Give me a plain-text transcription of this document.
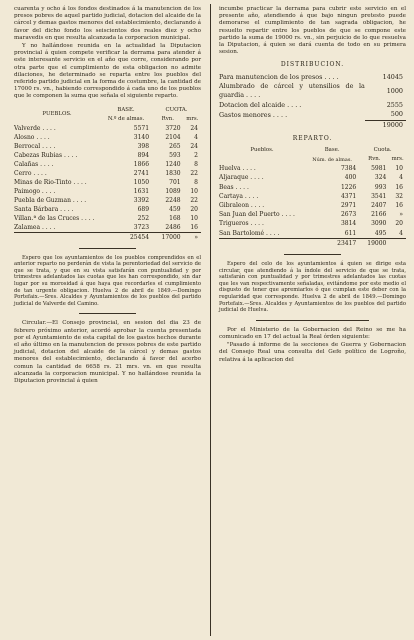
cuarenta y ocho á los fondos destinados á la manutencion de los presos pobres de aquel partido judicial, dotacion del alcaide de la cárcel y demas gastos menores del establecimiento, declarando á favor del dicho fondo los seiscientos dos reales diez y ocho maravedis en que resulta alcanzada la corporacion municipal.

Y no hallándose reunida en la actualidad la Diputacion provincial á quien compete verificar la derrama para atender á este interesante servicio en el año que corre, considerando por otra parte que el cumplimiento de esta obligacion no admite dilaciones, he determinado se reparta entre los pueblos del referido partido judicial en la forma de costumbre, la cantidad de 17000 rs. vn., habiendo correspondido á cada uno de los pueblos que le componen la suma que señala el siguiente reparto.

PUEBLOS.	BASE.	CUOTA.	
	N.º de almas.	Rvn.	mrs.
Valverde . . . .	5571	3720	24
Alosno . . . .	3140	2104	4
Berrocal . . . .	398	265	24
Cabezas Rubias . . . .	894	593	2
Calañas . . . .	1866	1240	8
Cerro . . . .	2741	1830	22
Minas de Rio-Tinto . . . .	1050	701	8
Paimogo . . . .	1631	1089	10
Puebla de Guzman . . . .	3392	2248	22
Santa Bárbara . . . .	689	459	20
Villan.ª de las Cruces . . . .	252	168	10
Zalamea . . . .	3723	2486	16
	25454	17000	»

Espero que los ayuntamientos de los pueblos comprendidos en el anterior reparto no perderán de vista la perentoriedad del servicio de que se trata, y que en su vista satisfarán con puntualidad y por trimestres adelantados las cuotas que les han correspondido, sin dar lugar por su morosidad á que haya que recordarles el cumplimiento de tan urgente obligacion. Huelva 2 de abril de 1849.—Domingo Portefaix.—Sres. Alcaldes y Ayuntamientos de los pueblos del partido judicial de Valverde del Camino.

Circular.—El Consejo provincial, en sesion del dia 23 de febrero próximo anterior, acordó aprobar la cuenta presentada por el Ayuntamiento de esta capital de los gastos hechos durante el año último en la manutencion de presos pobres de este partido judicial, dotacion del alcaide de la cárcel y demas gastos menores del establecimiento, declarando á favor del acerbo comun la cantidad de 6658 rs. 21 mrs. vn. en que resulta alcanzada la corporacion municipal. Y no hallándose reunida la Diputacion provincial á quien

incumbe practicar la derrama para cubrir este servicio en el presente año, atendiendo á que bajo ningun pretesto puede demorarse el cumplimiento de tan sagrada obligacion, he resuelto repartir entre los pueblos de que se compone este partido la suma de 19000 rs. vn., sin perjuicio de lo que resuelva la Diputacion, á quien se dará cuenta de todo en su primera sesion.

DISTRIBUCION.
Para manutencion de los presos . . . .	14045
Alumbrado de cárcel y utensilios de la guardia . . . .	1000
Dotacion del alcaide . . . .	2555
Gastos menores . . . .	500
	19000
REPARTO.
Pueblos.	Base.	Cuota.	
	Núm. de almas.	Rvn.	mrs.
Huelva . . . .	7384	5981	10
Aljaraque . . . .	400	324	4
Beas . . . .	1226	993	16
Cartaya . . . .	4371	3541	32
Gibraleon . . . .	2971	2407	16
San Juan del Puerto . . . .	2673	2166	»
Trigueros . . . .	3814	3090	20
San Bartolomé . . . .	611	495	4
	23417	19000	

Espero del celo de los ayuntamientos á quien se dirige esta circular, que atendiendo á la índole del servicio de que se trata, satisfarán con puntualidad y por trimestres adelantados las cuotas que les van respectivamente señaladas, evitándome por este medio el disgusto de tener que apremiarlos ó que cumplan este deber con la regularidad que corresponde. Huelva 2 de abril de 1849.—Domingo Portefaix.—Sres. Alcaldes y Ayuntamientos de los pueblos del partido judicial de Huelva.

Por el Ministerio de la Gobernacion del Reino se me ha comunicado en 17 del actual la Real órden siguiente:

"Pasado á informe de la secciones de Guerra y Gobernacion del Consejo Real una consulta del Gefe político de Logroño, relativa á la aplicacion del
